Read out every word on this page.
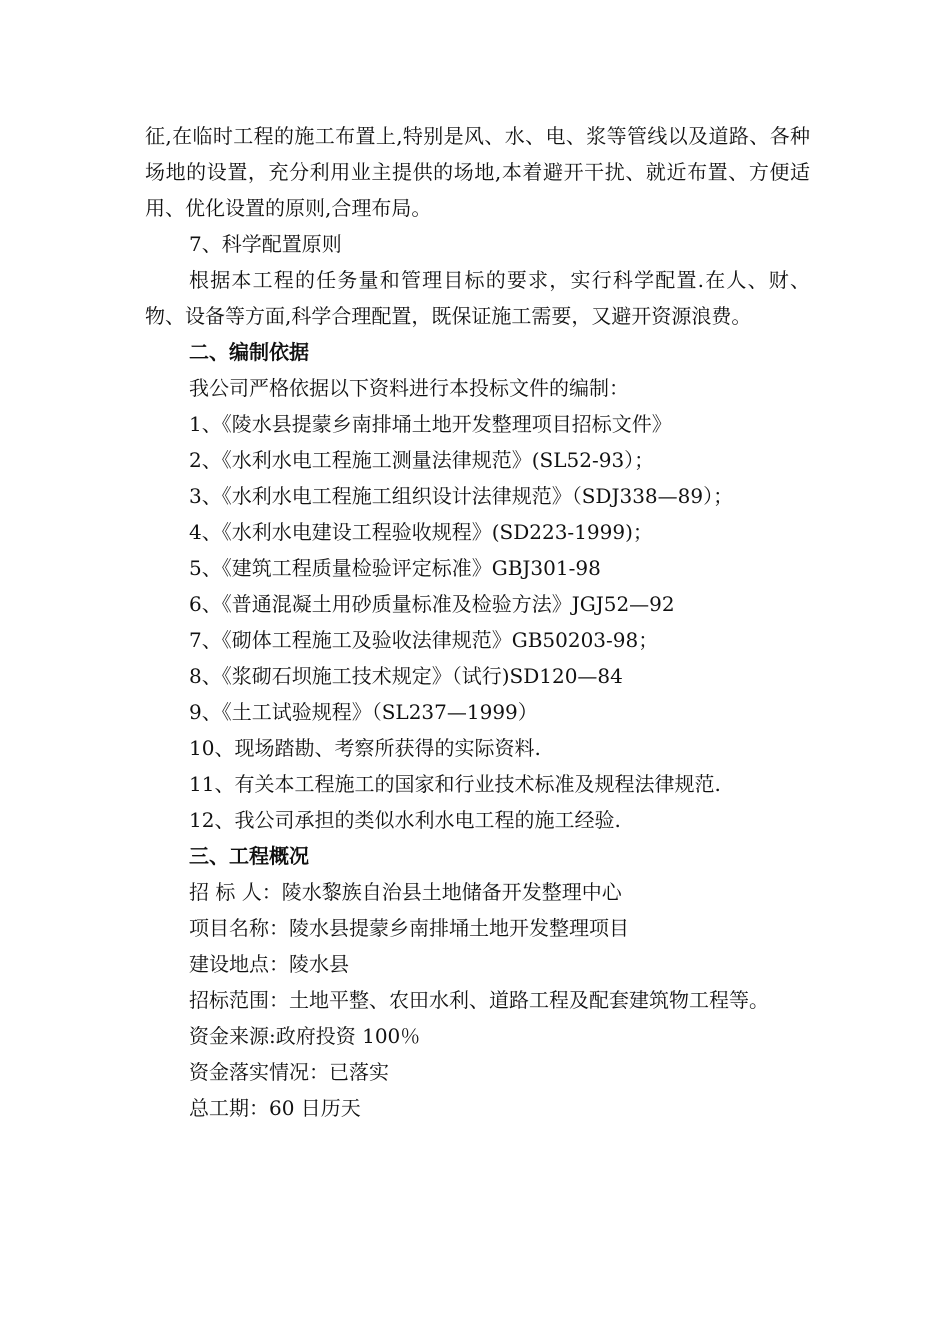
征,在临时工程的施工布置上,特别是风、水、电、浆等管线以及道路、各种场地的设置，充分利用业主提供的场地,本着避开干扰、就近布置、方便适用、优化设置的原则,合理布局。

7、科学配置原则

根据本工程的任务量和管理目标的要求，实行科学配置.在人、财、物、设备等方面,科学合理配置，既保证施工需要，又避开资源浪费。

二、编制依据

我公司严格依据以下资料进行本投标文件的编制：

1、《陵水县提蒙乡南排埇土地开发整理项目招标文件》

2、《水利水电工程施工测量法律规范》(SL52-93）；

3、《水利水电工程施工组织设计法律规范》（SDJ338—89）；

4、《水利水电建设工程验收规程》(SD223-1999)；

5、《建筑工程质量检验评定标准》GBJ301-98

6、《普通混凝土用砂质量标准及检验方法》JGJ52—92

7、《砌体工程施工及验收法律规范》GB50203-98；

8、《浆砌石坝施工技术规定》（试行)SD120—84

9、《土工试验规程》（SL237—1999）

10、现场踏勘、考察所获得的实际资料.

11、有关本工程施工的国家和行业技术标准及规程法律规范.

12、我公司承担的类似水利水电工程的施工经验.

三、工程概况

招 标 人：陵水黎族自治县土地储备开发整理中心

项目名称：陵水县提蒙乡南排埇土地开发整理项目

建设地点：陵水县

招标范围：土地平整、农田水利、道路工程及配套建筑物工程等。

资金来源:政府投资 100％

资金落实情况：已落实

总工期：60 日历天
